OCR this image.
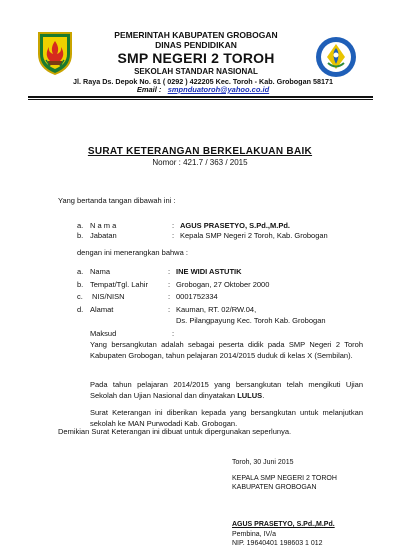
PEMERINTAH KABUPATEN GROBOGAN
DINAS PENDIDIKAN
SMP NEGERI 2 TOROH
SEKOLAH STANDAR NASIONAL
Jl. Raya Ds. Depok No. 61 ( 0292 ) 422205 Kec. Toroh - Kab. Grobogan 58171
Email : smpnduatoroh@yahoo.co.id
SURAT KETERANGAN BERKELAKUAN BAIK
Nomor : 421.7 / 363 / 2015
Yang bertanda tangan dibawah ini :
a. N a m a	: AGUS PRASETYO, S.Pd.,M.Pd.
b. Jabatan	: Kepala SMP Negeri 2 Toroh, Kab. Grobogan
dengan ini menerangkan bahwa :
a. Nama	: INE WIDI ASTUTIK
b. Tempat/Tgl. Lahir	: Grobogan, 27 Oktober 2000
c. NIS/NISN	: 0001752334
d. Alamat	: Kauman, RT. 02/RW.04,
Ds. Pilangpayung Kec. Toroh Kab. Grobogan
Maksud	:
Yang bersangkutan adalah sebagai peserta didik pada SMP Negeri 2 Toroh Kabupaten Grobogan, tahun pelajaran 2014/2015 duduk di kelas X (Sembilan).
Pada tahun pelajaran 2014/2015 yang bersangkutan telah mengikuti Ujian Sekolah dan Ujian Nasional dan dinyatakan LULUS.
Surat Keterangan ini diberikan kepada yang bersangkutan untuk melanjutkan sekolah ke MAN Purwodadi Kab. Grobogan.
Demikian Surat Keterangan ini dibuat untuk dipergunakan seperlunya.
Toroh, 30 Juni 2015
KEPALA SMP NEGERI 2 TOROH
KABUPATEN GROBOGAN
AGUS PRASETYO, S.Pd.,M.Pd.
Pembina, IV/a
NIP. 19640401 198603 1 012
